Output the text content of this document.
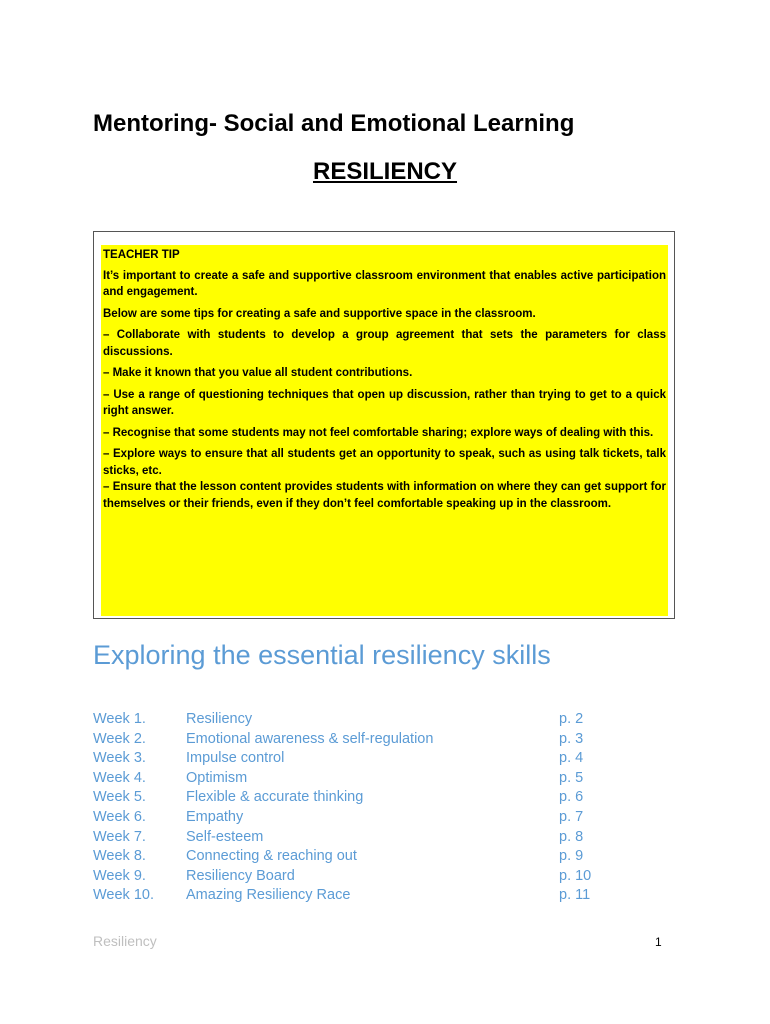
Mentoring- Social and Emotional Learning
RESILIENCY

TEACHER TIP

It’s important to create a safe and supportive classroom environment that enables active participation and engagement.

Below are some tips for creating a safe and supportive space in the classroom.

– Collaborate with students to develop a group agreement that sets the parameters for class discussions.

– Make it known that you value all student contributions.

– Use a range of questioning techniques that open up discussion, rather than trying to get to a quick right answer.

– Recognise that some students may not feel comfortable sharing; explore ways of dealing with this.

– Explore ways to ensure that all students get an opportunity to speak, such as using talk tickets, talk sticks, etc.

– Ensure that the lesson content provides students with information on where they can get support for themselves or their friends, even if they don’t feel comfortable speaking up in the classroom.

Exploring the essential resiliency skills
Week 1.	Resiliency	p. 2
Week 2.	Emotional awareness & self-regulation	p. 3
Week 3.	Impulse control	p. 4
Week 4.	Optimism	p. 5
Week 5.	Flexible & accurate thinking	p. 6
Week 6.	Empathy	p. 7
Week 7.	Self-esteem	p. 8
Week 8.	Connecting & reaching out	p. 9
Week 9.	Resiliency Board	p. 10
Week 10. Amazing Resiliency Race	p. 11
Resiliency	1
